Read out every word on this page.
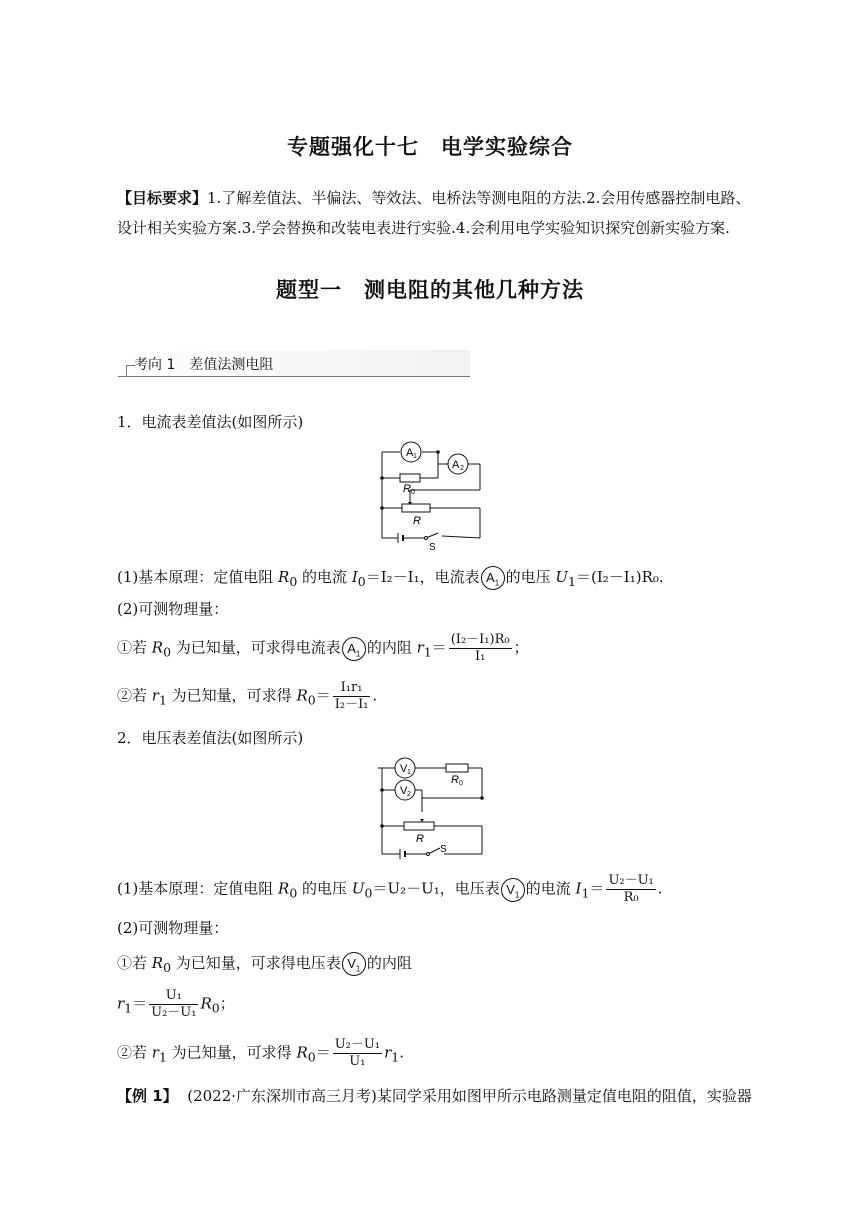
专题强化十七　电学实验综合
【目标要求】1.了解差值法、半偏法、等效法、电桥法等测电阻的方法.2.会用传感器控制电路、设计相关实验方案.3.学会替换和改装电表进行实验.4.会利用电学实验知识探究创新实验方案.
题型一　测电阻的其他几种方法
考向 1　差值法测电阻
1．电流表差值法(如图所示)
A 1
A 2
R 0
R
S
(1)基本原理：定值电阻 $R_0$ 的电流 $I_0=I_2-I_1$，电流表 $A_1$ 的电压 $U_1=(I_2-I_1)R_0$.
(2)可测物理量：
①若 $R_0$ 为已知量，可求得电流表 $A_1$ 的内阻 $r_1= \frac{\text{(I₂－I₁)R₀}}{\text{I₁}}$ ；
②若 $r_1$ 为已知量，可求得 $R_0= \frac{\text{I₁r₁}}{\text{I₂－I₁}}$ .
2．电压表差值法(如图所示)
V 1
V 2
R 0
R
S
(1)基本原理：定值电阻 $R_0$ 的电压 $U_0=U_2-U_1$，电压表 $V_1$ 的电流 $I_1= \frac{\text{U₂－U₁}}{\text{R₀}}$ .
(2)可测物理量：
①若 $R_0$ 为已知量，可求得电压表 $V_1$ 的内阻
$r_1= \frac{\text{U₁}}{\text{U₂－U₁}} R_0$；
②若 $r_1$ 为已知量，可求得 $R_0= \frac{\text{U₂－U₁}}{\text{U₁}} r_1$.
【例 1】 (2022·广东深圳市高三月考)某同学采用如图甲所示电路测量定值电阻的阻值，实验器
